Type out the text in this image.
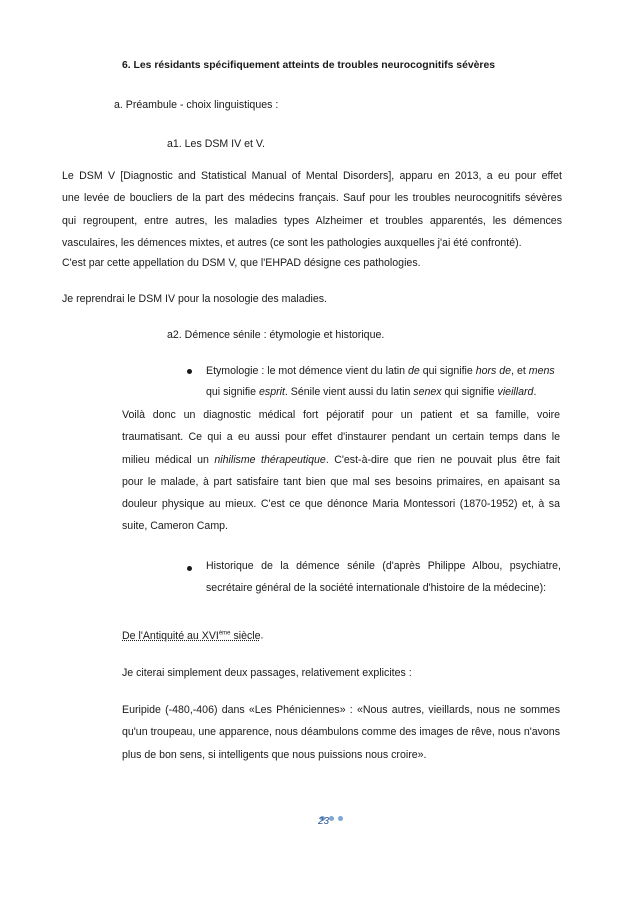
6. Les résidants spécifiquement atteints de troubles neurocognitifs sévères
a. Préambule - choix linguistiques :
a1. Les DSM IV et V.

Le DSM V [Diagnostic and Statistical Manual of Mental Disorders], apparu en 2013, a eu pour effet

une levée de boucliers de la part des médecins français. Sauf pour les troubles neurocognitifs sévères

qui regroupent, entre autres, les maladies types Alzheimer et troubles apparentés, les démences

vasculaires, les démences mixtes, et autres (ce sont les pathologies auxquelles j'ai été confronté).

C'est par cette appellation du DSM V, que l'EHPAD désigne ces pathologies.
Je reprendrai le DSM IV pour la nosologie des maladies.
a2. Démence sénile : étymologie et historique.
Etymologie : le mot démence vient du latin de qui signifie hors de, et mens
qui signifie esprit. Sénile vient aussi du latin senex qui signifie vieillard.

Voilà donc un diagnostic médical fort péjoratif pour un patient et sa famille, voire

traumatisant. Ce qui a eu aussi pour effet d'instaurer pendant un certain temps dans le

milieu médical un nihilisme thérapeutique. C'est-à-dire que rien ne pouvait plus être fait

pour le malade, à part satisfaire tant bien que mal ses besoins primaires, en apaisant sa

douleur physique au mieux. C'est ce que dénonce Maria Montessori (1870-1952) et, à sa

suite, Cameron Camp.

Historique de la démence sénile (d'après Philippe Albou, psychiatre,

secrétaire général de la société internationale d'histoire de la médecine):

De l'Antiquité au XVIème siècle.
Je citerai simplement deux passages, relativement explicites :

Euripide (-480,-406) dans «Les Phéniciennes» : «Nous autres, vieillards, nous ne sommes

qu'un troupeau, une apparence, nous déambulons comme des images de rêve, nous n'avons

plus de bon sens, si intelligents que nous puissions nous croire».

23
